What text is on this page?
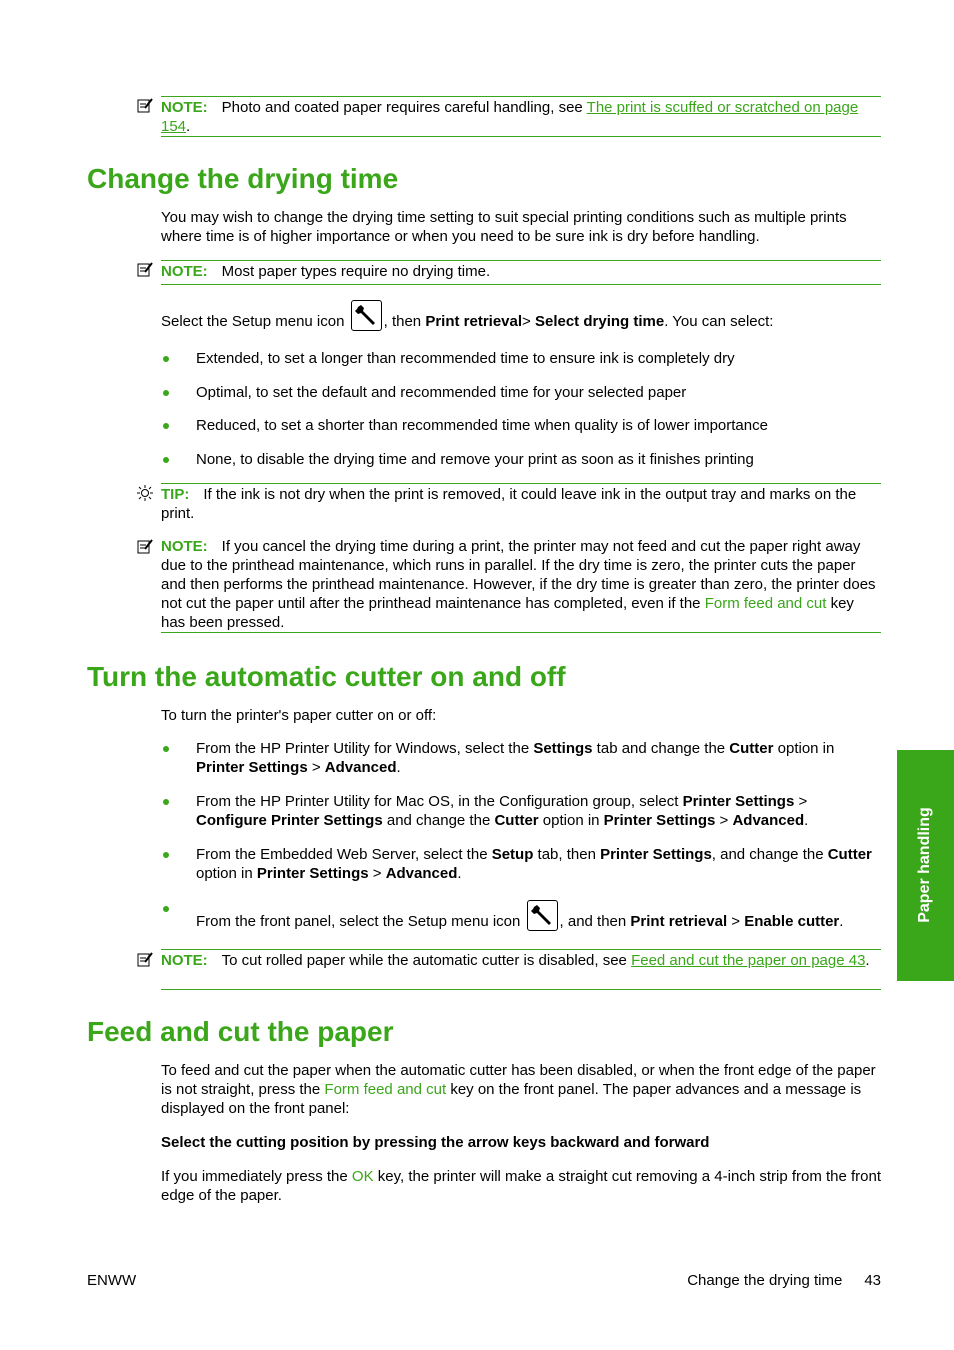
NOTE: Photo and coated paper requires careful handling, see The print is scuffed or scratched on page 154.
Change the drying time
You may wish to change the drying time setting to suit special printing conditions such as multiple prints where time is of higher importance or when you need to be sure ink is dry before handling.
NOTE: Most paper types require no drying time.
Select the Setup menu icon , then Print retrieval> Select drying time. You can select:
Extended, to set a longer than recommended time to ensure ink is completely dry
Optimal, to set the default and recommended time for your selected paper
Reduced, to set a shorter than recommended time when quality is of lower importance
None, to disable the drying time and remove your print as soon as it finishes printing
TIP: If the ink is not dry when the print is removed, it could leave ink in the output tray and marks on the print.
NOTE: If you cancel the drying time during a print, the printer may not feed and cut the paper right away due to the printhead maintenance, which runs in parallel. If the dry time is zero, the printer cuts the paper and then performs the printhead maintenance. However, if the dry time is greater than zero, the printer does not cut the paper until after the printhead maintenance has completed, even if the Form feed and cut key has been pressed.
Turn the automatic cutter on and off
To turn the printer's paper cutter on or off:
From the HP Printer Utility for Windows, select the Settings tab and change the Cutter option in Printer Settings > Advanced.
From the HP Printer Utility for Mac OS, in the Configuration group, select Printer Settings > Configure Printer Settings and change the Cutter option in Printer Settings > Advanced.
From the Embedded Web Server, select the Setup tab, then Printer Settings, and change the Cutter option in Printer Settings > Advanced.
From the front panel, select the Setup menu icon , and then Print retrieval > Enable cutter.
NOTE: To cut rolled paper while the automatic cutter is disabled, see Feed and cut the paper on page 43.
Feed and cut the paper
To feed and cut the paper when the automatic cutter has been disabled, or when the front edge of the paper is not straight, press the Form feed and cut key on the front panel. The paper advances and a message is displayed on the front panel:
Select the cutting position by pressing the arrow keys backward and forward
If you immediately press the OK key, the printer will make a straight cut removing a 4-inch strip from the front edge of the paper.
Paper handling
ENWW	Change the drying time 43
